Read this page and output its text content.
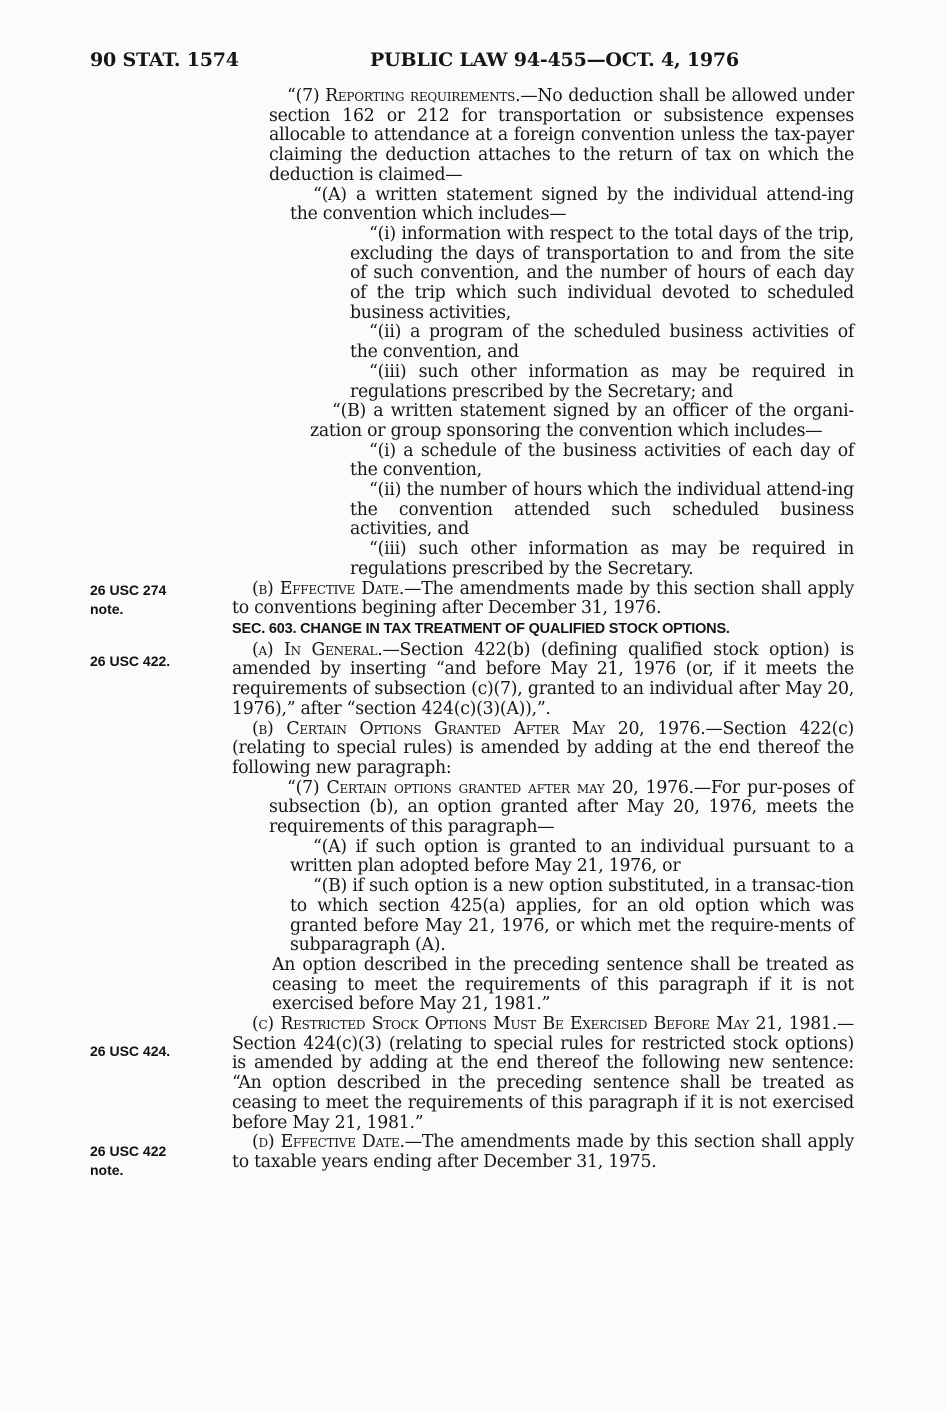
90 STAT. 1574	PUBLIC LAW 94-455—OCT. 4, 1976
26 USC 274
note.
26 USC 422.
26 USC 424.
26 USC 422
note.

“(7) Reporting requirements.—No deduction shall be allowed under section 162 or 212 for transportation or subsistence expenses allocable to attendance at a foreign convention unless the tax-payer claiming the deduction attaches to the return of tax on which the deduction is claimed—

“(A) a written statement signed by the individual attend-ing the convention which includes—

“(i) information with respect to the total days of the trip, excluding the days of transportation to and from the site of such convention, and the number of hours of each day of the trip which such individual devoted to scheduled business activities,

“(ii) a program of the scheduled business activities of the convention, and

“(iii) such other information as may be required in regulations prescribed by the Secretary; and

“(B) a written statement signed by an officer of the organi-zation or group sponsoring the convention which includes—

“(i) a schedule of the business activities of each day of the convention,

“(ii) the number of hours which the individual attend-ing the convention attended such scheduled business activities, and

“(iii) such other information as may be required in regulations prescribed by the Secretary.

(b) Effective Date.—The amendments made by this section shall apply to conventions begining after December 31, 1976.

SEC. 603. CHANGE IN TAX TREATMENT OF QUALIFIED STOCK OPTIONS.

(a) In General.—Section 422(b) (defining qualified stock option) is amended by inserting “and before May 21, 1976 (or, if it meets the requirements of subsection (c)(7), granted to an individual after May 20, 1976),” after “section 424(c)(3)(A)),”.

(b) Certain Options Granted After May 20, 1976.—Section 422(c) (relating to special rules) is amended by adding at the end thereof the following new paragraph:

“(7) Certain options granted after may 20, 1976.—For pur-poses of subsection (b), an option granted after May 20, 1976, meets the requirements of this paragraph—

“(A) if such option is granted to an individual pursuant to a written plan adopted before May 21, 1976, or

“(B) if such option is a new option substituted, in a transac-tion to which section 425(a) applies, for an old option which was granted before May 21, 1976, or which met the require-ments of subparagraph (A).

An option described in the preceding sentence shall be treated as ceasing to meet the requirements of this paragraph if it is not exercised before May 21, 1981.”

(c) Restricted Stock Options Must Be Exercised Before May 21, 1981.—Section 424(c)(3) (relating to special rules for restricted stock options) is amended by adding at the end thereof the following new sentence: “An option described in the preceding sentence shall be treated as ceasing to meet the requirements of this paragraph if it is not exercised before May 21, 1981.”

(d) Effective Date.—The amendments made by this section shall apply to taxable years ending after December 31, 1975.
